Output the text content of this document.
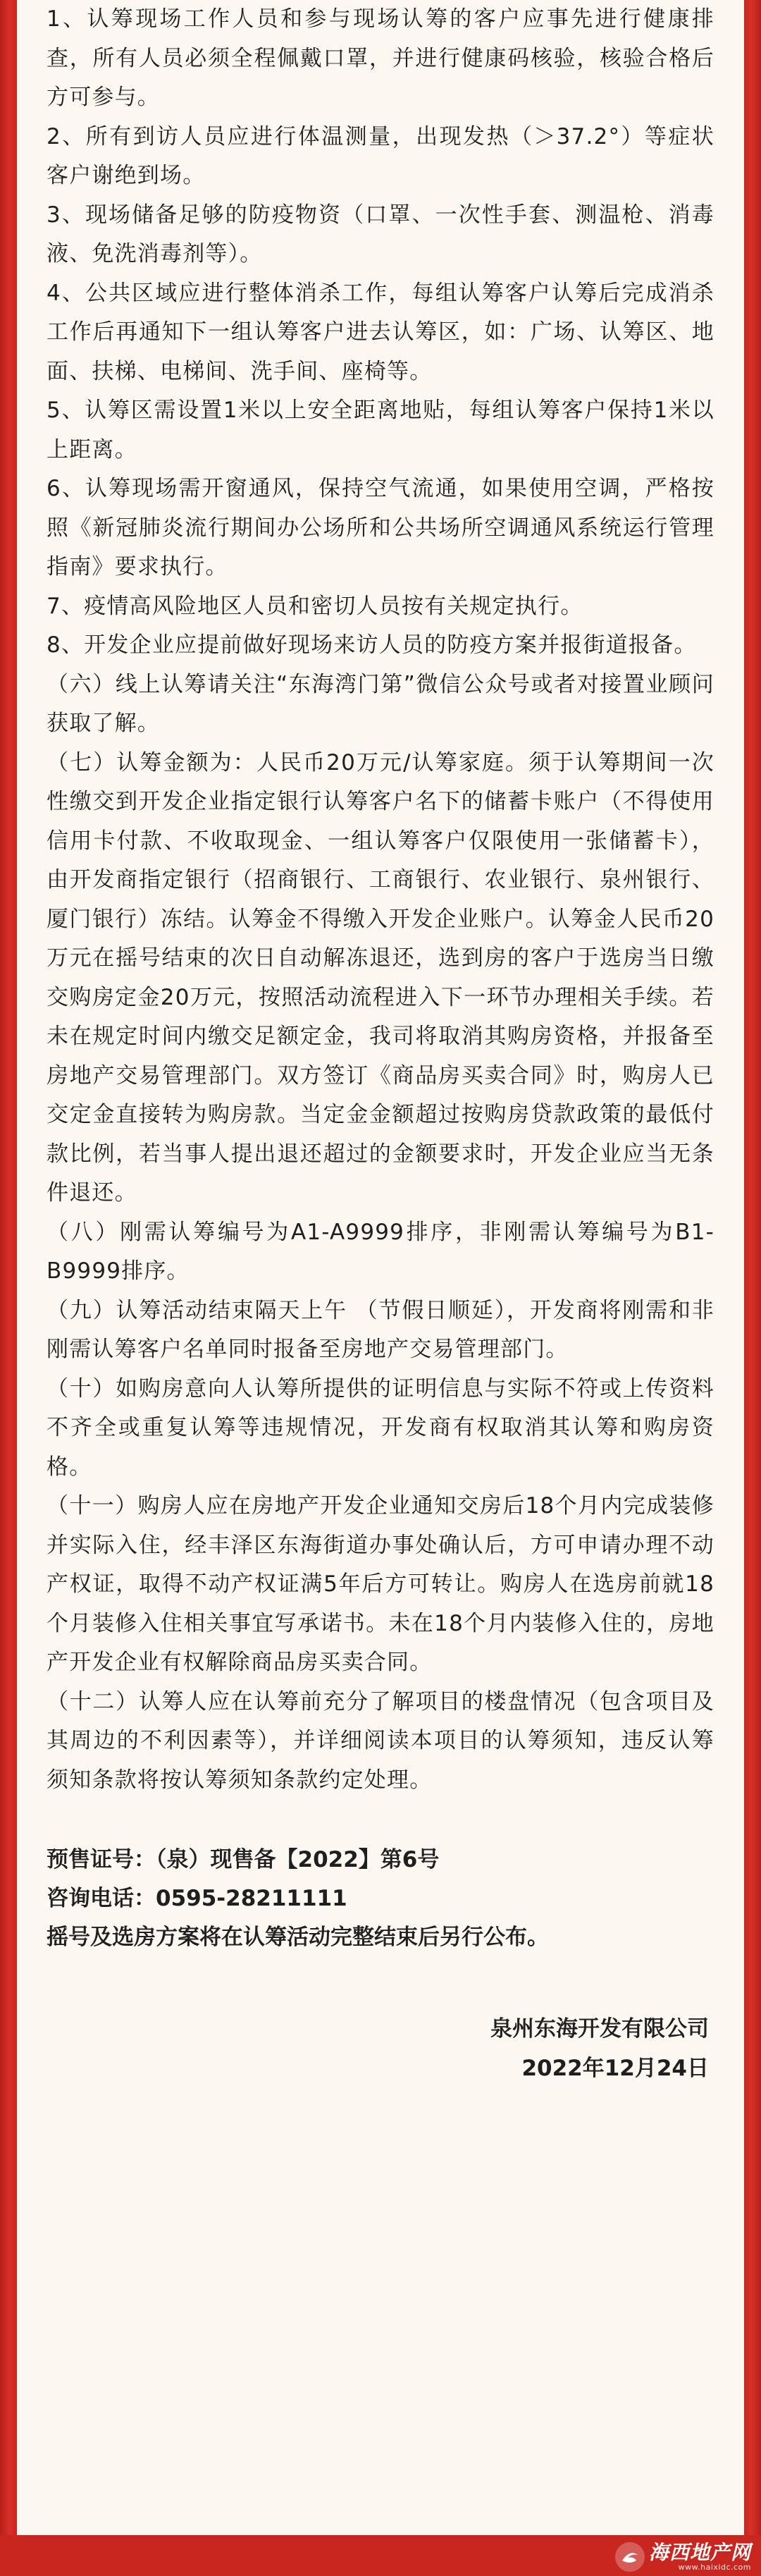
1、认筹现场工作人员和参与现场认筹的客户应事先进行健康排查，所有人员必须全程佩戴口罩，并进行健康码核验，核验合格后方可参与。

2、所有到访人员应进行体温测量，出现发热（＞37.2°）等症状客户谢绝到场。

3、现场储备足够的防疫物资（口罩、一次性手套、测温枪、消毒液、免洗消毒剂等）。

4、公共区域应进行整体消杀工作，每组认筹客户认筹后完成消杀工作后再通知下一组认筹客户进去认筹区，如：广场、认筹区、地面、扶梯、电梯间、洗手间、座椅等。

5、认筹区需设置1米以上安全距离地贴，每组认筹客户保持1米以上距离。

6、认筹现场需开窗通风，保持空气流通，如果使用空调，严格按照《新冠肺炎流行期间办公场所和公共场所空调通风系统运行管理指南》要求执行。

7、疫情高风险地区人员和密切人员按有关规定执行。

8、开发企业应提前做好现场来访人员的防疫方案并报街道报备。

（六）线上认筹请关注“东海湾门第”微信公众号或者对接置业顾问获取了解。

（七）认筹金额为：人民币20万元/认筹家庭。须于认筹期间一次性缴交到开发企业指定银行认筹客户名下的储蓄卡账户（不得使用信用卡付款、不收取现金、一组认筹客户仅限使用一张储蓄卡），由开发商指定银行（招商银行、工商银行、农业银行、泉州银行、厦门银行）冻结。认筹金不得缴入开发企业账户。认筹金人民币20万元在摇号结束的次日自动解冻退还，选到房的客户于选房当日缴交购房定金20万元，按照活动流程进入下一环节办理相关手续。若未在规定时间内缴交足额定金，我司将取消其购房资格，并报备至房地产交易管理部门。双方签订《商品房买卖合同》时，购房人已交定金直接转为购房款。当定金金额超过按购房贷款政策的最低付款比例，若当事人提出退还超过的金额要求时，开发企业应当无条件退还。

（八）刚需认筹编号为A1-A9999排序，非刚需认筹编号为B1-B9999排序。

（九）认筹活动结束隔天上午 （节假日顺延），开发商将刚需和非刚需认筹客户名单同时报备至房地产交易管理部门。

（十）如购房意向人认筹所提供的证明信息与实际不符或上传资料不齐全或重复认筹等违规情况，开发商有权取消其认筹和购房资格。

（十一）购房人应在房地产开发企业通知交房后18个月内完成装修并实际入住，经丰泽区东海街道办事处确认后，方可申请办理不动产权证，取得不动产权证满5年后方可转让。购房人在选房前就18个月装修入住相关事宜写承诺书。未在18个月内装修入住的，房地产开发企业有权解除商品房买卖合同。

（十二）认筹人应在认筹前充分了解项目的楼盘情况（包含项目及其周边的不利因素等），并详细阅读本项目的认筹须知，违反认筹须知条款将按认筹须知条款约定处理。

预售证号：（泉）现售备【2022】第6号

咨询电话：0595-28211111

摇号及选房方案将在认筹活动完整结束后另行公布。

泉州东海开发有限公司

2022年12月24日

海西地产网
www.haixidc.com
